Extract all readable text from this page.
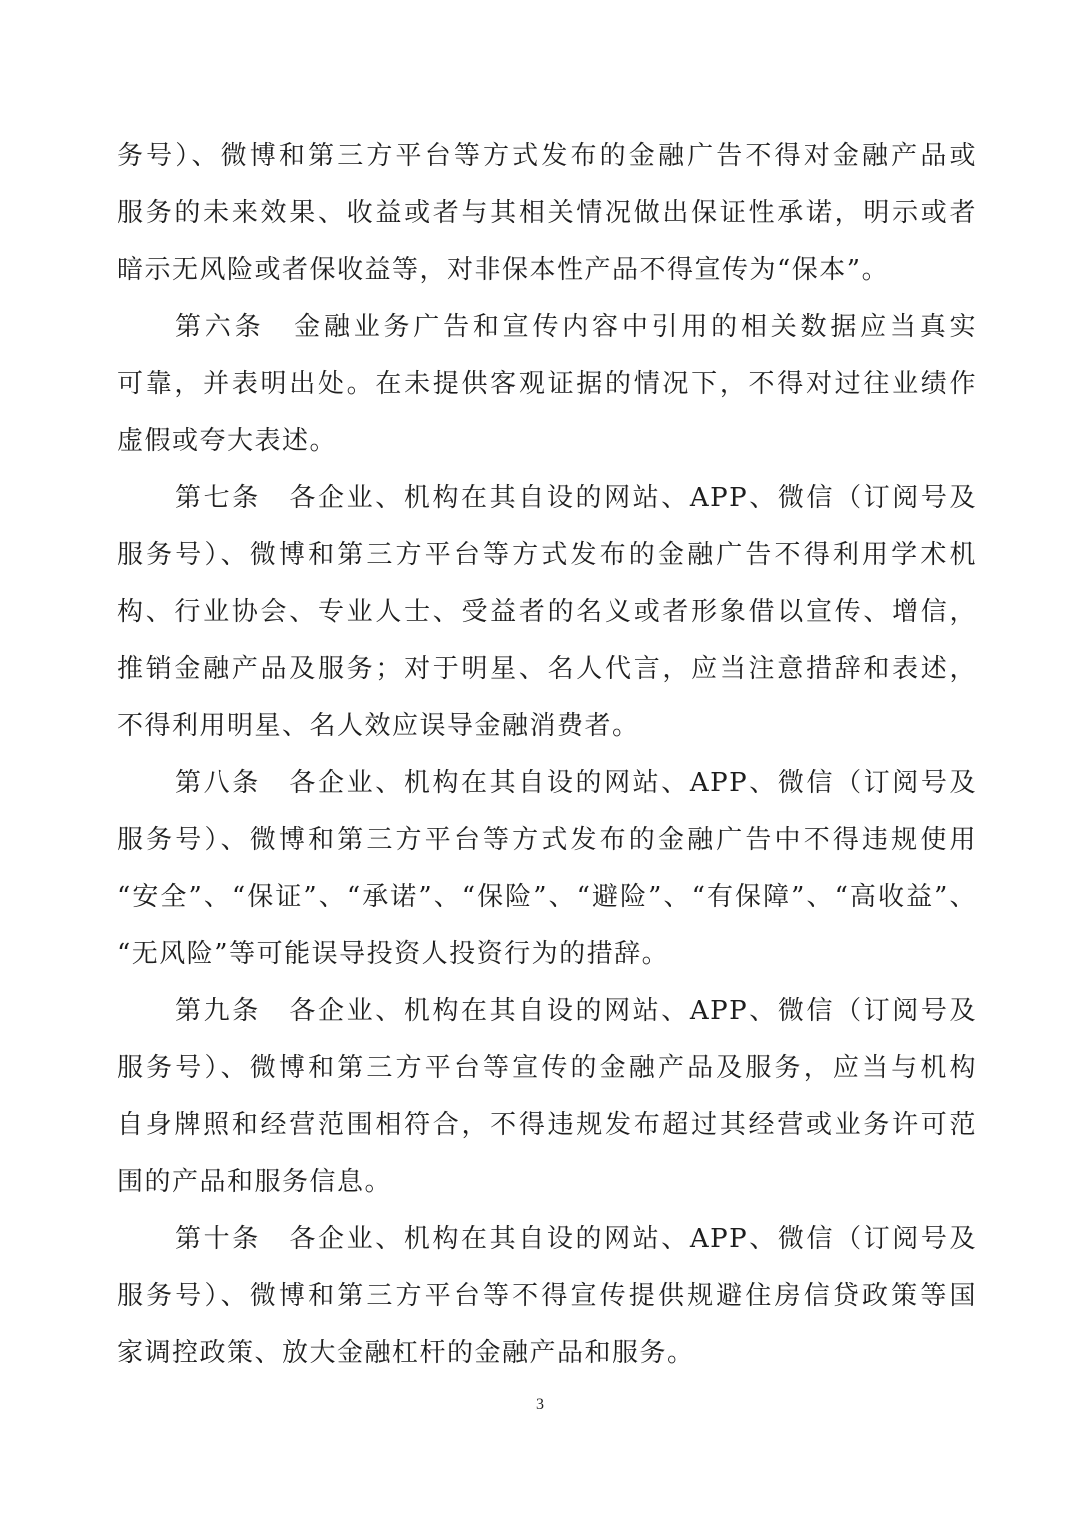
务号）、微博和第三方平台等方式发布的金融广告不得对金融产品或
服务的未来效果、收益或者与其相关情况做出保证性承诺，明示或者
暗示无风险或者保收益等，对非保本性产品不得宣传为“保本”。
第六条　金融业务广告和宣传内容中引用的相关数据应当真实
可靠，并表明出处。在未提供客观证据的情况下，不得对过往业绩作
虚假或夸大表述。
第七条　各企业、机构在其自设的网站、APP、微信（订阅号及
服务号）、微博和第三方平台等方式发布的金融广告不得利用学术机
构、行业协会、专业人士、受益者的名义或者形象借以宣传、增信，
推销金融产品及服务；对于明星、名人代言，应当注意措辞和表述，
不得利用明星、名人效应误导金融消费者。
第八条　各企业、机构在其自设的网站、APP、微信（订阅号及
服务号）、微博和第三方平台等方式发布的金融广告中不得违规使用
“安全”、“保证”、“承诺”、“保险”、“避险”、“有保障”、“高收益”、
“无风险”等可能误导投资人投资行为的措辞。
第九条　各企业、机构在其自设的网站、APP、微信（订阅号及
服务号）、微博和第三方平台等宣传的金融产品及服务，应当与机构
自身牌照和经营范围相符合，不得违规发布超过其经营或业务许可范
围的产品和服务信息。
第十条　各企业、机构在其自设的网站、APP、微信（订阅号及
服务号）、微博和第三方平台等不得宣传提供规避住房信贷政策等国
家调控政策、放大金融杠杆的金融产品和服务。
3
